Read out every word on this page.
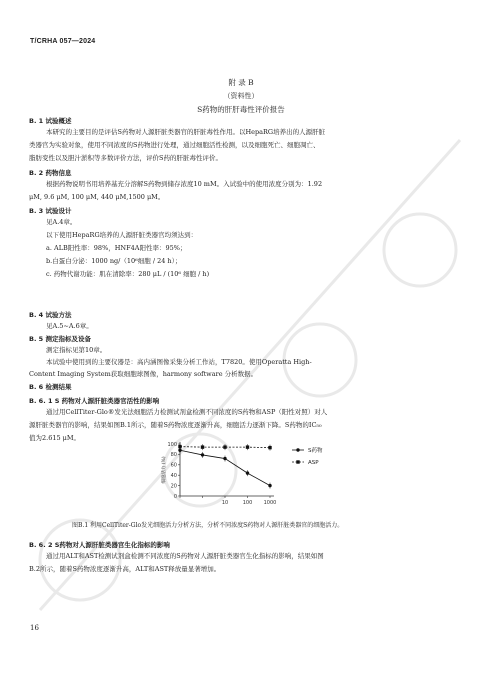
T/CRHA 057—2024
附 录 B
（资料性）
S药物的肝肝毒性评价报告
B. 1 试验概述
B. 2 药物信息
B. 3 试验设计
B. 4 试验方法
B. 5 测定指标及设备
B. 6 检测结果
B. 6. 1 S 药物对人源肝脏类器官活性的影响
B. 6. 2 S药物对人源肝脏类器官生化指标的影响
本研究的主要目的是评估S药物对人源肝脏类器官的肝脏毒性作用。以HepaRG培养出的人源肝脏
类器官为实验对象，使用不同浓度的S药物进行处理，通过细胞活性检测，以及细胞死亡、细胞凋亡、
脂肪变性以及胆汁淤积等多数评价方法，评价S药的肝脏毒性评价。
根据药物说明书用培养基充分溶解S药物到储存浓度10 mM。入试验中的使用浓度分别为：1.92
μM, 9.6 μM, 100 μM, 440 μM,1500 μM。
见A.4章。
以下使用HepaRG培养的人源肝脏类器官均须达到：
a. ALB阳性率：98%，HNF4A阳性率：95%；
b.白蛋白分泌：1000 ng/（10⁶细胞 / 24 h）；
c. 药物代谢功能：肌在清除率：280 μL / (10⁶ 细胞 / h)
见A.5~A.6章。
测定指标见第10章。
本试验中使用到的主要仪器是：高内涵图像采集分析工作站，T7820。使用Operatta High-
Content Imaging System获取细胞球图像，harmony software 分析数据。
通过用CellTiter-Glo®发光法细胞活力检测试剂盒检测不同浓度的S药物和ASP（阳性对照）对人
源肝脏类器官的影响，结果如图B.1所示，随着S药物浓度逐渐升高，细胞活力逐渐下降。S药物的IC₅₀
值为2.615 μM。
通过用ALT和AST检测试剂盒检测不同浓度的S药物对人源肝脏类器官生化指标的影响，结果如图
B.2所示，随着S药物浓度逐渐升高，ALT和AST释放量显著增加。
0
20
40
60
80
100
10	100 1000
细胞活力 (%)
S药物
ASP
图B.1 利用CellTiter-Glo发光细胞活力分析方法，分析不同浓度S药物对人源肝脏类器官的细胞活力。
16
